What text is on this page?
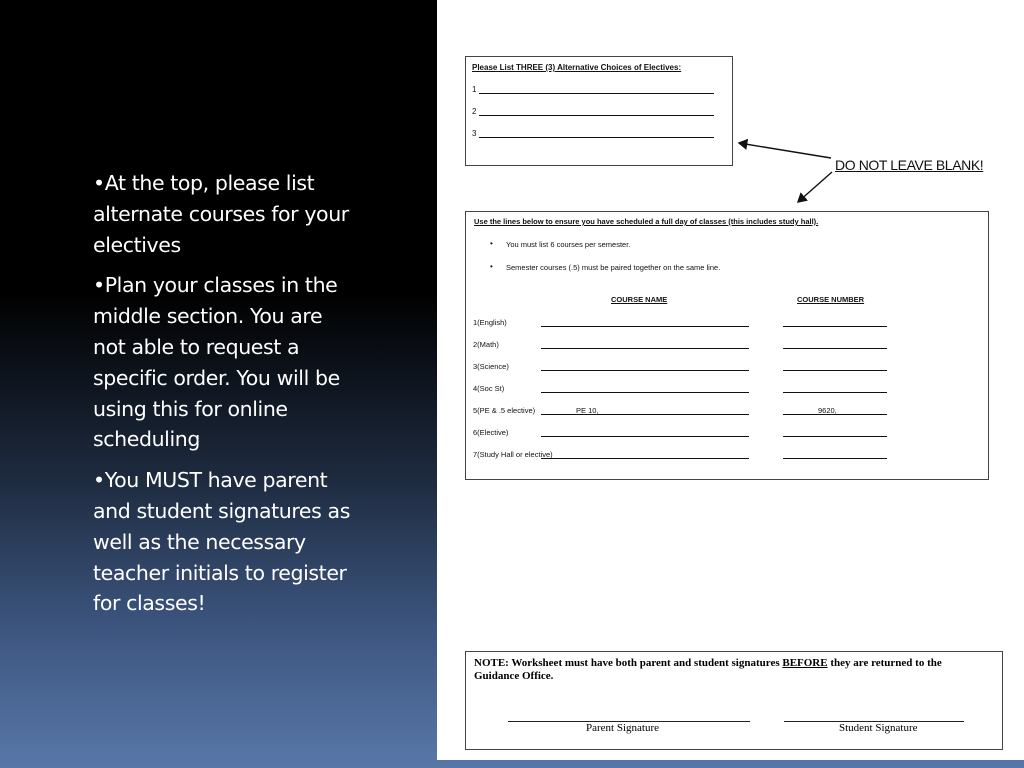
•At the top, please list alternate courses for your electives

•Plan your classes in the middle section. You are not able to request a specific order. You will be using this for online scheduling

•You MUST have parent and student signatures as well as the necessary teacher initials to register for classes!

Please List THREE (3) Alternative Choices of Electives:
1
2
3
DO NOT LEAVE BLANK!
Use the lines below to ensure you have scheduled a full day of classes (this includes study hall).
• You must list 6 courses per semester.
• Semester courses (.5) must be paired together on the same line.
COURSE NAME	COURSE NUMBER
1(English)
2(Math)
3(Science)
4(Soc St)
5(PE & .5 elective)	PE 10,	9620,
6(Elective)
7(Study Hall or elective)
NOTE: Worksheet must have both parent and student signatures BEFORE they are returned to the Guidance Office.
Parent Signature	Student Signature
